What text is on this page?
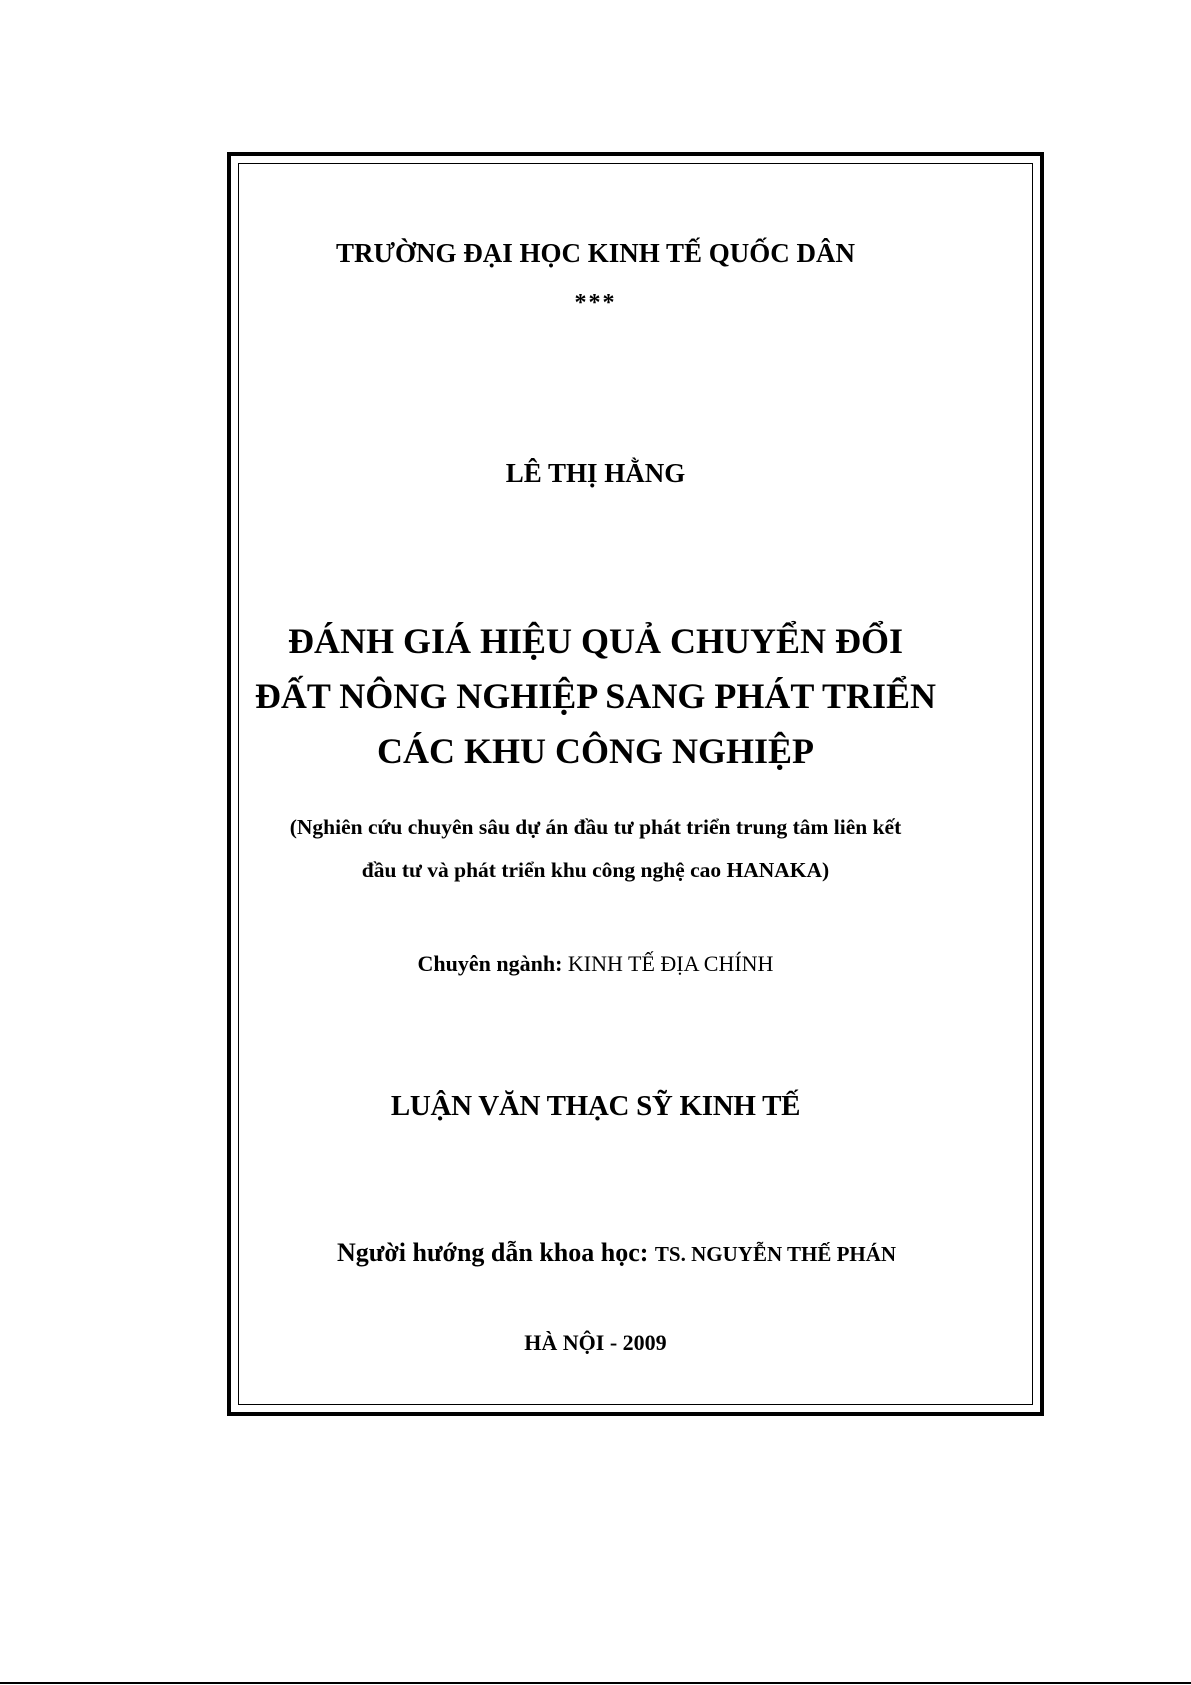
TRƯỜNG ĐẠI HỌC KINH TẾ QUỐC DÂN
***
LÊ THỊ HẰNG
ĐÁNH GIÁ HIỆU QUẢ CHUYỂN ĐỔI
ĐẤT NÔNG NGHIỆP SANG PHÁT TRIỂN
CÁC KHU CÔNG NGHIỆP
(Nghiên cứu chuyên sâu dự án đầu tư phát triển trung tâm liên kết
đầu tư và phát triển khu công nghệ cao HANAKA)
Chuyên ngành: KINH TẾ ĐỊA CHÍNH
LUẬN VĂN THẠC SỸ KINH TẾ
Người hướng dẫn khoa học: TS. NGUYỄN THẾ PHÁN
HÀ NỘI - 2009
